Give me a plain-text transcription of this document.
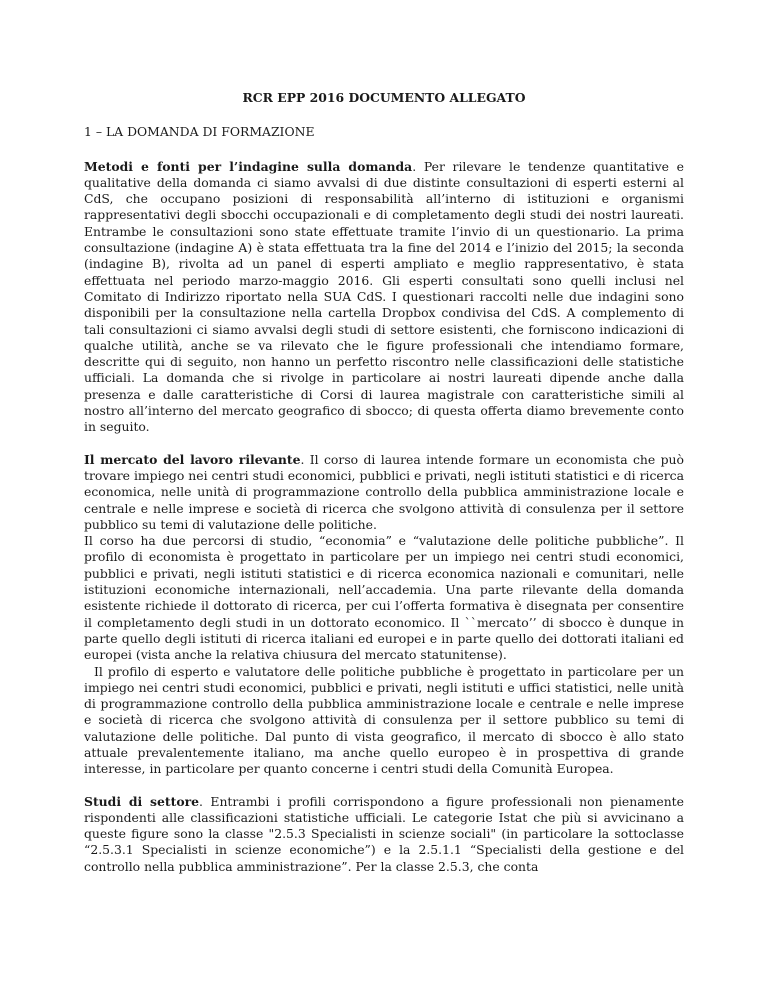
RCR EPP 2016 DOCUMENTO ALLEGATO
1 – LA DOMANDA DI FORMAZIONE

Metodi e fonti per l’indagine sulla domanda. Per rilevare le tendenze quantitative e qualitative della domanda ci siamo avvalsi di due distinte consultazioni di esperti esterni al CdS, che occupano posizioni di responsabilità all’interno di istituzioni e organismi rappresentativi degli sbocchi occupazionali e di completamento degli studi dei nostri laureati. Entrambe le consultazioni sono state effettuate tramite l’invio di un questionario. La prima consultazione (indagine A) è stata effettuata tra la fine del 2014 e l’inizio del 2015; la seconda (indagine B), rivolta ad un panel di esperti ampliato e meglio rappresentativo, è stata effettuata nel periodo marzo-maggio 2016. Gli esperti consultati sono quelli inclusi nel Comitato di Indirizzo riportato nella SUA CdS. I questionari raccolti nelle due indagini sono disponibili per la consultazione nella cartella Dropbox condivisa del CdS. A complemento di tali consultazioni ci siamo avvalsi degli studi di settore esistenti, che forniscono indicazioni di qualche utilità, anche se va rilevato che le figure professionali che intendiamo formare, descritte qui di seguito, non hanno un perfetto riscontro nelle classificazioni delle statistiche ufficiali. La domanda che si rivolge in particolare ai nostri laureati dipende anche dalla presenza e dalle caratteristiche di Corsi di laurea magistrale con caratteristiche simili al nostro all’interno del mercato geografico di sbocco; di questa offerta diamo brevemente conto in seguito.

Il mercato del lavoro rilevante. Il corso di laurea intende formare un economista che può trovare impiego nei centri studi economici, pubblici e privati, negli istituti statistici e di ricerca economica, nelle unità di programmazione controllo della pubblica amministrazione locale e centrale e nelle imprese e società di ricerca che svolgono attività di consulenza per il settore pubblico su temi di valutazione delle politiche.

Il corso ha due percorsi di studio, “economia” e “valutazione delle politiche pubbliche”. Il profilo di economista è progettato in particolare per un impiego nei centri studi economici, pubblici e privati, negli istituti statistici e di ricerca economica nazionali e comunitari, nelle istituzioni economiche internazionali, nell’accademia. Una parte rilevante della domanda esistente richiede il dottorato di ricerca, per cui l’offerta formativa è disegnata per consentire il completamento degli studi in un dottorato economico. Il ``mercato’’ di sbocco è dunque in parte quello degli istituti di ricerca italiani ed europei e in parte quello dei dottorati italiani ed europei (vista anche la relativa chiusura del mercato statunitense).

Il profilo di esperto e valutatore delle politiche pubbliche è progettato in particolare per un impiego nei centri studi economici, pubblici e privati, negli istituti e uffici statistici, nelle unità di programmazione controllo della pubblica amministrazione locale e centrale e nelle imprese e società di ricerca che svolgono attività di consulenza per il settore pubblico su temi di valutazione delle politiche. Dal punto di vista geografico, il mercato di sbocco è allo stato attuale prevalentemente italiano, ma anche quello europeo è in prospettiva di grande interesse, in particolare per quanto concerne i centri studi della Comunità Europea.

Studi di settore. Entrambi i profili corrispondono a figure professionali non pienamente rispondenti alle classificazioni statistiche ufficiali. Le categorie Istat che più si avvicinano a queste figure sono la classe "2.5.3 Specialisti in scienze sociali" (in particolare la sottoclasse “2.5.3.1 Specialisti in scienze economiche”) e la 2.5.1.1 “Specialisti della gestione e del controllo nella pubblica amministrazione”. Per la classe 2.5.3, che conta
